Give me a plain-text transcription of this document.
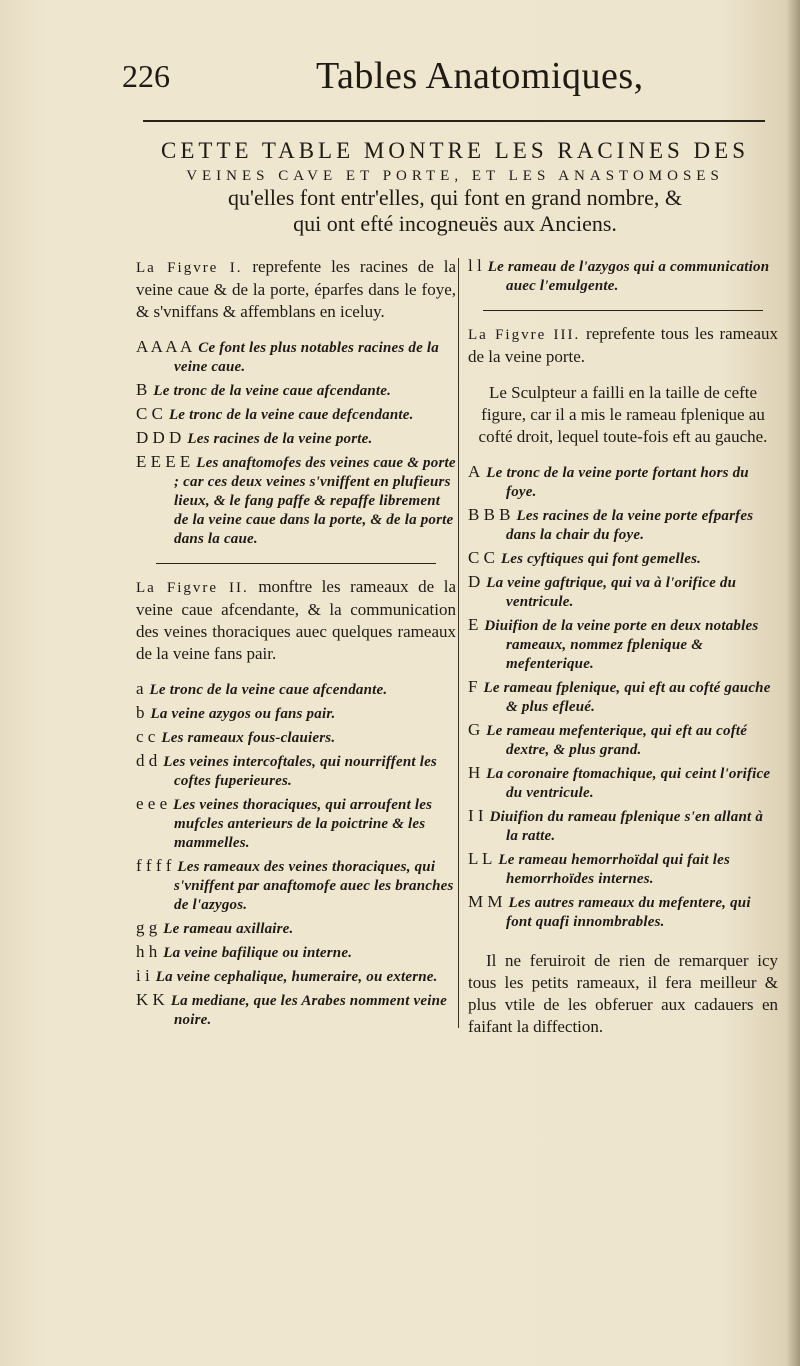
226	Tables Anatomiques,

CETTE TABLE MONTRE LES RACINES DES

VEINES CAVE ET PORTE, ET LES ANASTOMOSES

qu'elles font entr'elles, qui font en grand nombre, &

qui ont efté incogneuës aux Anciens.

La Figvre I. reprefente les racines de la veine caue & de la porte, éparfes dans le foye, & s'vniffans & affemblans en iceluy.

A A A A Ce font les plus notables racines de la veine caue.
B Le tronc de la veine caue afcendante.
C C Le tronc de la veine caue defcendante.
D D D Les racines de la veine porte.
E E E E Les anaftomofes des veines caue & porte ; car ces deux veines s'vniffent en plufieurs lieux, & le fang paffe & repaffe librement de la veine caue dans la porte, & de la porte dans la caue.

La Figvre II. monftre les rameaux de la veine caue afcendante, & la communication des veines thoraciques auec quelques rameaux de la veine fans pair.

a Le tronc de la veine caue afcendante.
b La veine azygos ou fans pair.
c c Les rameaux fous-clauiers.
d d Les veines intercoftales, qui nourriffent les coftes fuperieures.
e e e Les veines thoraciques, qui arroufent les mufcles anterieurs de la poictrine & les mammelles.
f f f f Les rameaux des veines thoraciques, qui s'vniffent par anaftomofe auec les branches de l'azygos.
g g Le rameau axillaire.
h h La veine bafilique ou interne.
i i La veine cephalique, humeraire, ou externe.
K K La mediane, que les Arabes nomment veine noire.
l l Le rameau de l'azygos qui a communication auec l'emulgente.

La Figvre III. reprefente tous les rameaux de la veine porte.

Le Sculpteur a failli en la taille de cefte figure, car il a mis le rameau fplenique au cofté droit, lequel toute-fois eft au gauche.

A Le tronc de la veine porte fortant hors du foye.
B B B Les racines de la veine porte efparfes dans la chair du foye.
C C Les cyftiques qui font gemelles.
D La veine gaftrique, qui va à l'orifice du ventricule.
E Diuifion de la veine porte en deux notables rameaux, nommez fplenique & mefenterique.
F Le rameau fplenique, qui eft au cofté gauche & plus efleué.
G Le rameau mefenterique, qui eft au cofté dextre, & plus grand.
H La coronaire ftomachique, qui ceint l'orifice du ventricule.
I I Diuifion du rameau fplenique s'en allant à la ratte.
L L Le rameau hemorrhoïdal qui fait les hemorrhoïdes internes.
M M Les autres rameaux du mefentere, qui font quafi innombrables.

Il ne feruiroit de rien de remarquer icy tous les petits rameaux, il fera meilleur & plus vtile de les obferuer aux cadauers en faifant la diffection.
